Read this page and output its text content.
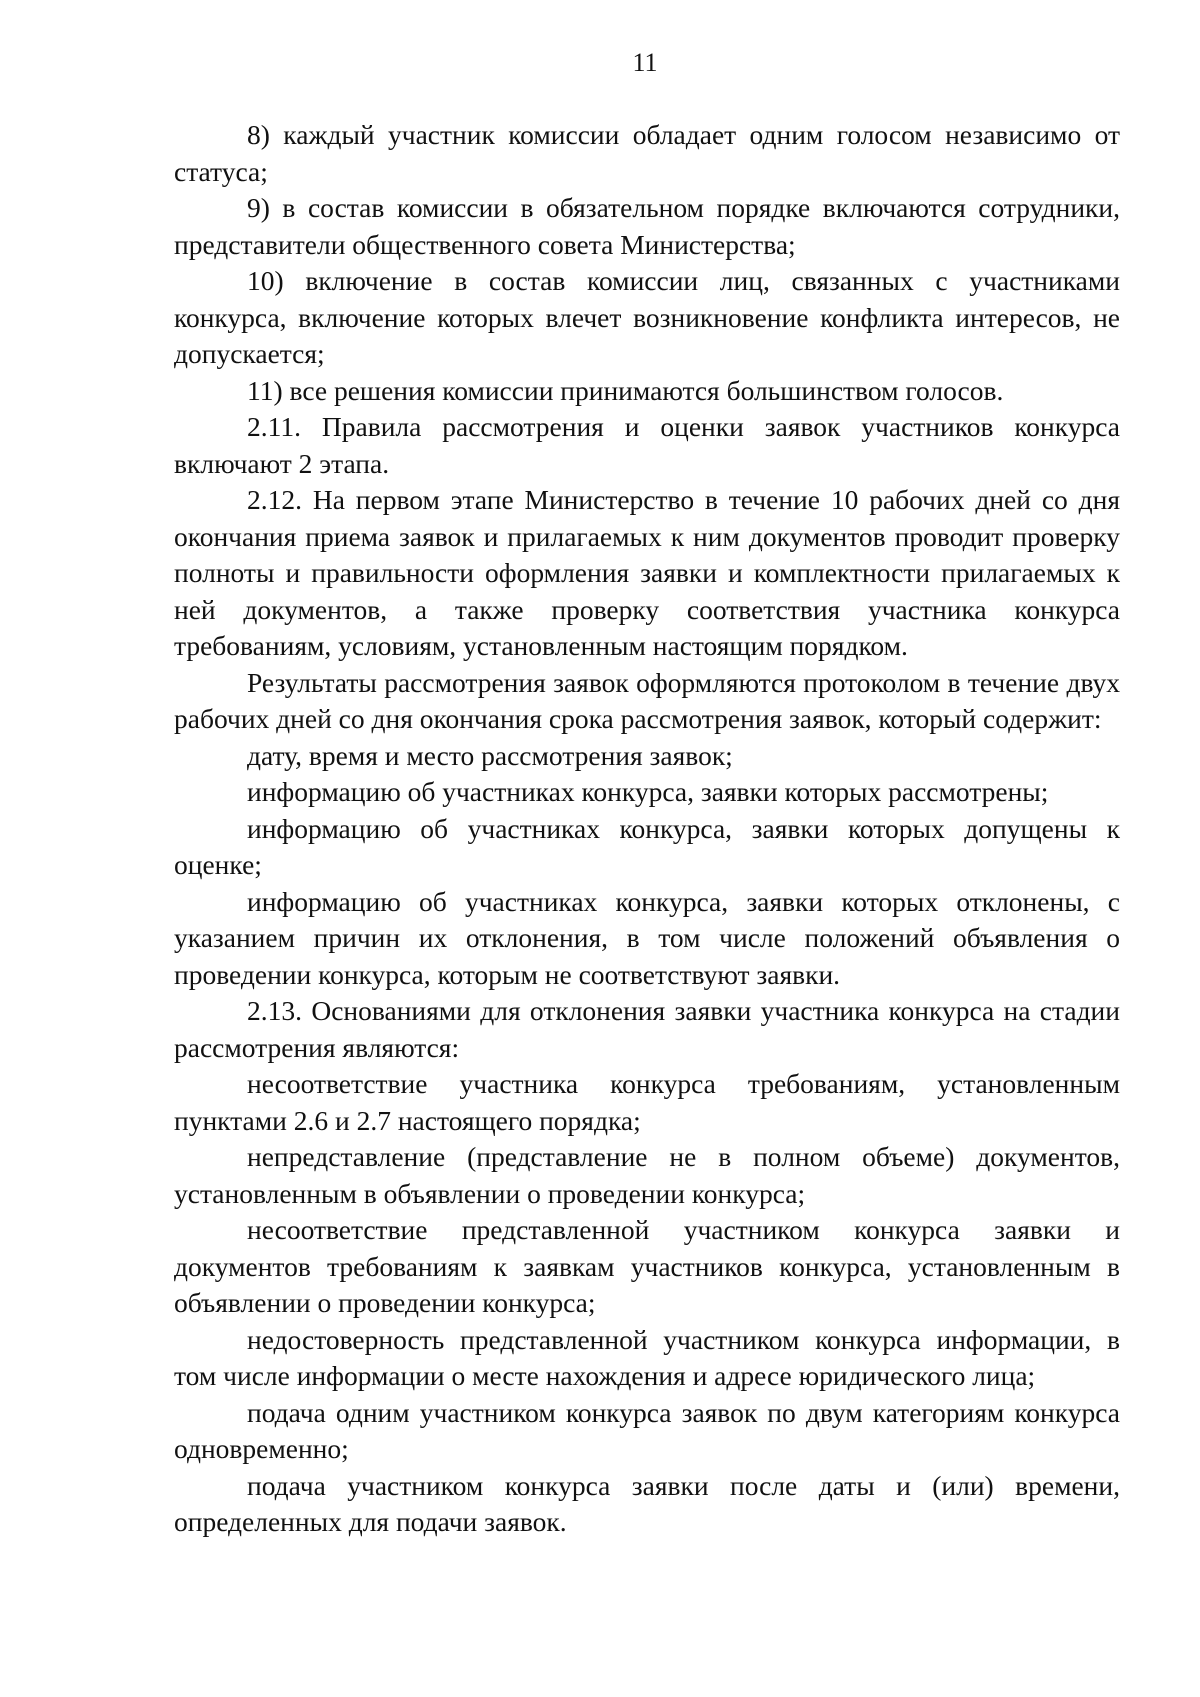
11

8) каждый участник комиссии обладает одним голосом независимо от статуса;

9) в состав комиссии в обязательном порядке включаются сотрудники, представители общественного совета Министерства;

10) включение в состав комиссии лиц, связанных с участниками конкурса, включение которых влечет возникновение конфликта интересов, не допускается;

11) все решения комиссии принимаются большинством голосов.

2.11. Правила рассмотрения и оценки заявок участников конкурса включают 2 этапа.

2.12. На первом этапе Министерство в течение 10 рабочих дней со дня окончания приема заявок и прилагаемых к ним документов проводит проверку полноты и правильности оформления заявки и комплектности прилагаемых к ней документов, а также проверку соответствия участника конкурса требованиям, условиям, установленным настоящим порядком.

Результаты рассмотрения заявок оформляются протоколом в течение двух рабочих дней со дня окончания срока рассмотрения заявок, который содержит:

дату, время и место рассмотрения заявок;

информацию об участниках конкурса, заявки которых рассмотрены;

информацию об участниках конкурса, заявки которых допущены к оценке;

информацию об участниках конкурса, заявки которых отклонены, с указанием причин их отклонения, в том числе положений объявления о проведении конкурса, которым не соответствуют заявки.

2.13. Основаниями для отклонения заявки участника конкурса на стадии рассмотрения являются:

несоответствие участника конкурса требованиям, установленным пунктами 2.6 и 2.7 настоящего порядка;

непредставление (представление не в полном объеме) документов, установленным в объявлении о проведении конкурса;

несоответствие представленной участником конкурса заявки и документов требованиям к заявкам участников конкурса, установленным в объявлении о проведении конкурса;

недостоверность представленной участником конкурса информации, в том числе информации о месте нахождения и адресе юридического лица;

подача одним участником конкурса заявок по двум категориям конкурса одновременно;

подача участником конкурса заявки после даты и (или) времени, определенных для подачи заявок.
